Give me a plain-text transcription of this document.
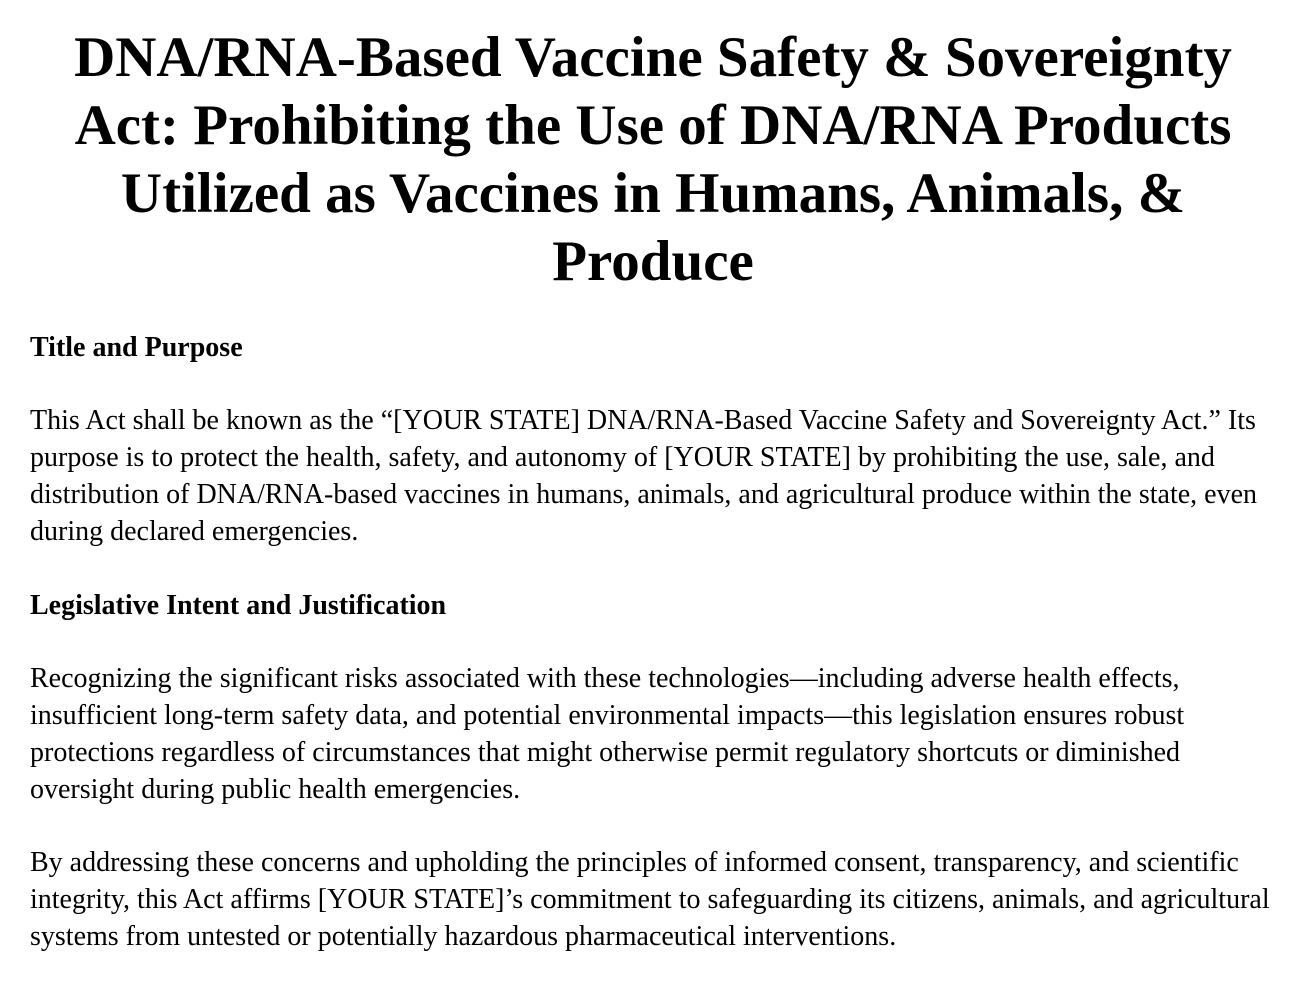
DNA/RNA-Based Vaccine Safety & Sovereignty Act: Prohibiting the Use of DNA/RNA Products Utilized as Vaccines in Humans, Animals, & Produce
Title and Purpose

This Act shall be known as the “[YOUR STATE] DNA/RNA-Based Vaccine Safety and Sovereignty Act.” Its purpose is to protect the health, safety, and autonomy of [YOUR STATE] by prohibiting the use, sale, and distribution of DNA/RNA-based vaccines in humans, animals, and agricultural produce within the state, even during declared emergencies.

Legislative Intent and Justification

Recognizing the significant risks associated with these technologies—including adverse health effects, insufficient long-term safety data, and potential environmental impacts—this legislation ensures robust protections regardless of circumstances that might otherwise permit regulatory shortcuts or diminished oversight during public health emergencies.

By addressing these concerns and upholding the principles of informed consent, transparency, and scientific integrity, this Act affirms [YOUR STATE]’s commitment to safeguarding its citizens, animals, and agricultural systems from untested or potentially hazardous pharmaceutical interventions.
